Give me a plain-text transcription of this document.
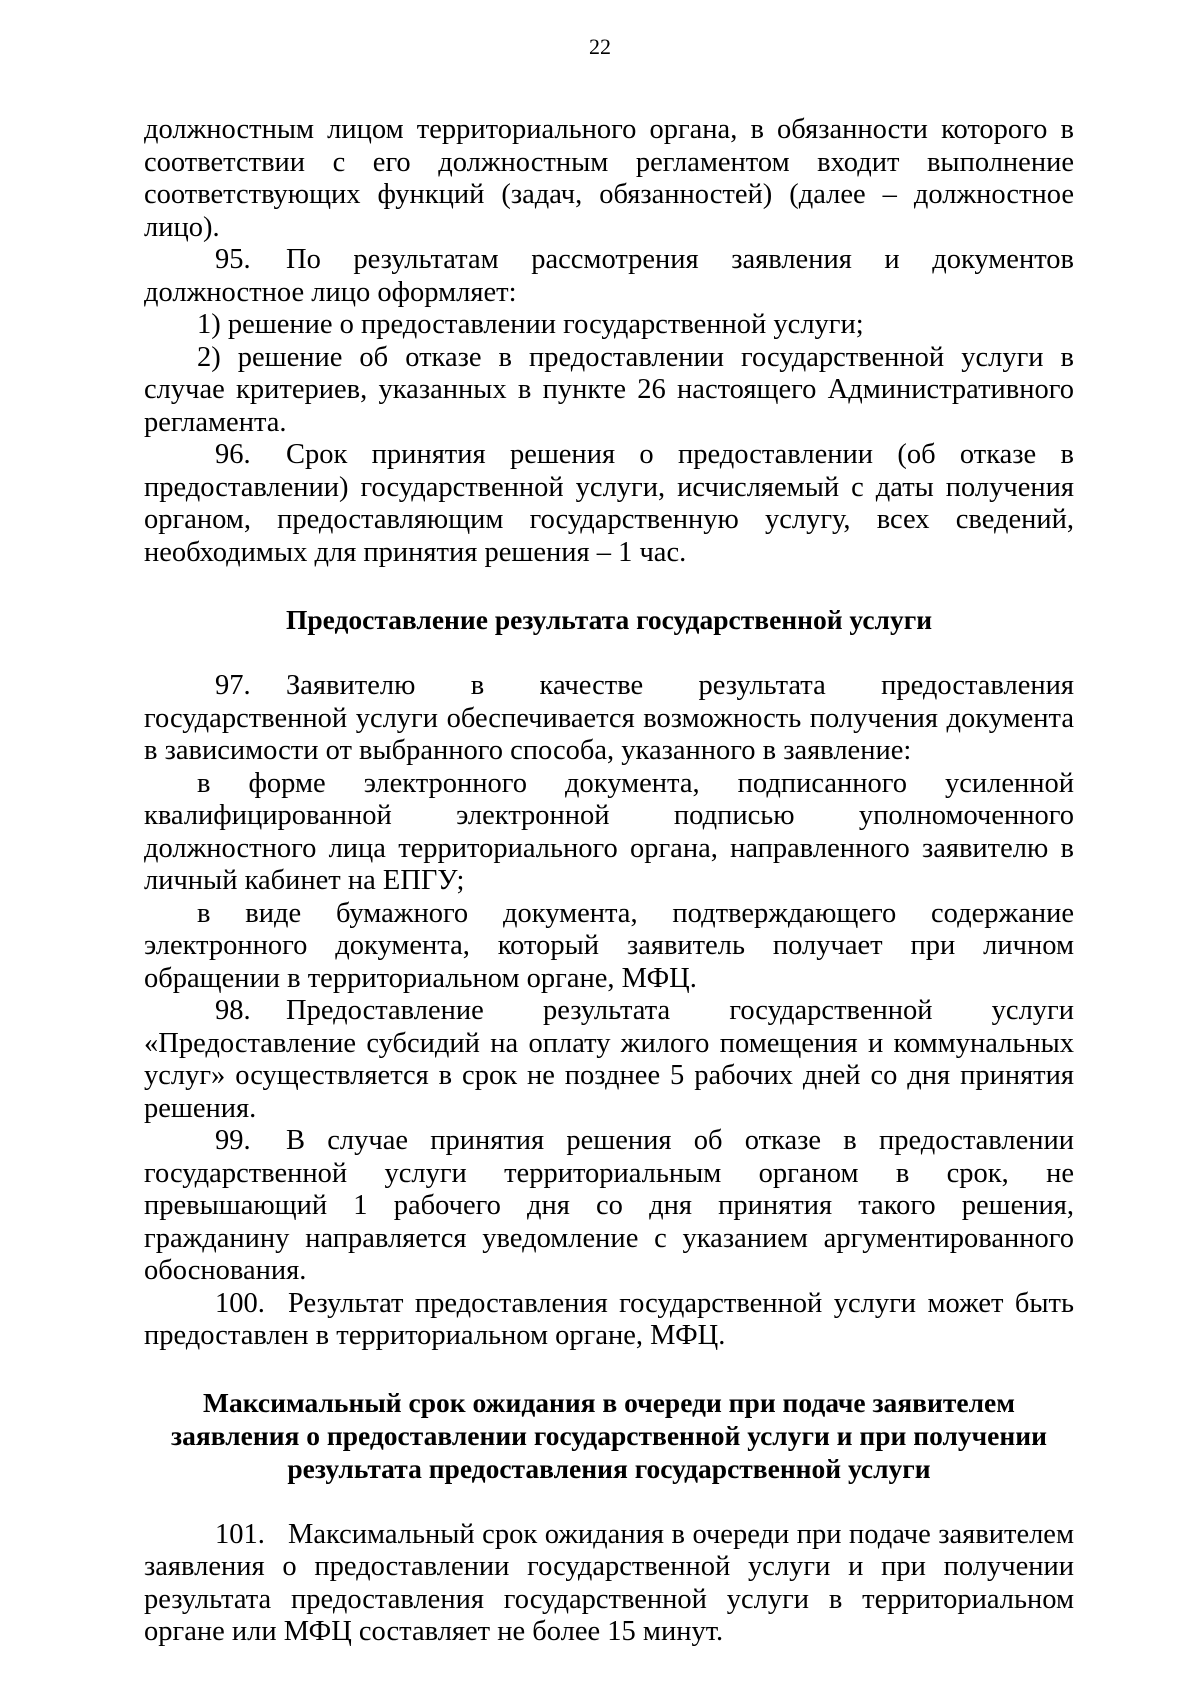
22

должностным лицом территориального органа, в обязанности которого в соответствии с его должностным регламентом входит выполнение соответствующих функций (задач, обязанностей) (далее – должностное лицо).

95. По результатам рассмотрения заявления и документов должностное лицо оформляет:

1) решение о предоставлении государственной услуги;

2) решение об отказе в предоставлении государственной услуги в случае критериев, указанных в пункте 26 настоящего Административного регламента.

96. Срок принятия решения о предоставлении (об отказе в предоставлении) государственной услуги, исчисляемый с даты получения органом, предоставляющим государственную услугу, всех сведений, необходимых для принятия решения – 1 час.

Предоставление результата государственной услуги

97. Заявителю в качестве результата предоставления государственной услуги обеспечивается возможность получения документа в зависимости от выбранного способа, указанного в заявление:

в форме электронного документа, подписанного усиленной квалифицированной электронной подписью уполномоченного должностного лица территориального органа, направленного заявителю в личный кабинет на ЕПГУ;

в виде бумажного документа, подтверждающего содержание электронного документа, который заявитель получает при личном обращении в территориальном органе, МФЦ.

98. Предоставление результата государственной услуги «Предоставление субсидий на оплату жилого помещения и коммунальных услуг» осуществляется в срок не позднее 5 рабочих дней со дня принятия решения.

99. В случае принятия решения об отказе в предоставлении государственной услуги территориальным органом в срок, не превышающий 1 рабочего дня со дня принятия такого решения, гражданину направляется уведомление с указанием аргументированного обоснования.

100. Результат предоставления государственной услуги может быть предоставлен в территориальном органе, МФЦ.

Максимальный срок ожидания в очереди при подаче заявителем заявления о предоставлении государственной услуги и при получении результата предоставления государственной услуги

101. Максимальный срок ожидания в очереди при подаче заявителем заявления о предоставлении государственной услуги и при получении результата предоставления государственной услуги в территориальном органе или МФЦ составляет не более 15 минут.
